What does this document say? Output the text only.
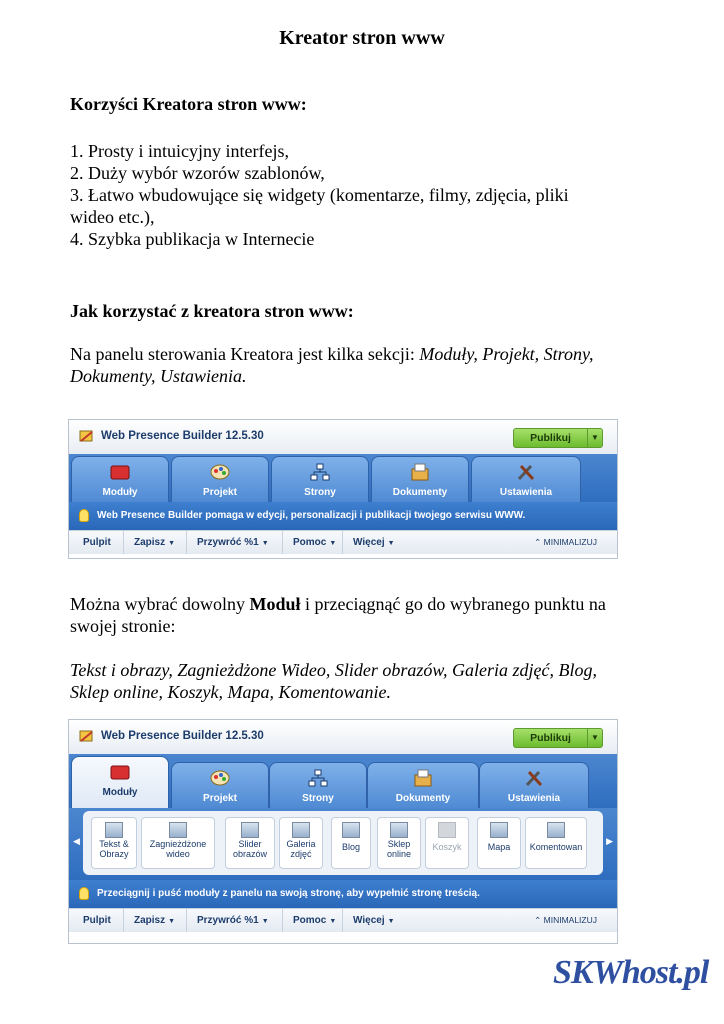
Kreator stron www

Korzyści Kreatora stron www:

1. Prosty i intuicyjny interfejs,

2. Duży wybór wzorów szablonów,

3. Łatwo wbudowujące się widgety (komentarze, filmy, zdjęcia, pliki

wideo etc.),

4. Szybka publikacja w Internecie

Jak korzystać z kreatora stron www:

Na panelu sterowania Kreatora jest kilka sekcji: Moduły, Projekt, Strony,

Dokumenty, Ustawienia.

Web Presence Builder 12.5.30	Publikuj	▼
Moduły	Projekt	Strony	Dokumenty	Ustawienia
Web Presence Builder pomaga w edycji, personalizacji i publikacji twojego serwisu WWW.
Pulpit	Zapisz ▼	Przywróć %1 ▼	Pomoc ▼	Więcej ▼	⌃ MINIMALIZUJ

Można wybrać dowolny Moduł i przeciągnąć go do wybranego punktu na

swojej stronie:

Tekst i obrazy, Zagnieżdżone Wideo, Slider obrazów, Galeria zdjęć, Blog,

Sklep online, Koszyk, Mapa, Komentowanie.

Web Presence Builder 12.5.30	Publikuj	▼
Moduły
Projekt	Strony	Dokumenty	Ustawienia
◀	Tekst &
Obrazy
Zagnieżdżone
wideo
Slider
obrazów
Galeria
zdjęć
Blog	Sklep
online
Koszyk	Mapa	Komentowan
▶
Przeciągnij i puść moduły z panelu na swoją stronę, aby wypełnić stronę treścią.
Pulpit	Zapisz ▼	Przywróć %1 ▼	Pomoc ▼	Więcej ▼	⌃ MINIMALIZUJ
SKWhost.pl
